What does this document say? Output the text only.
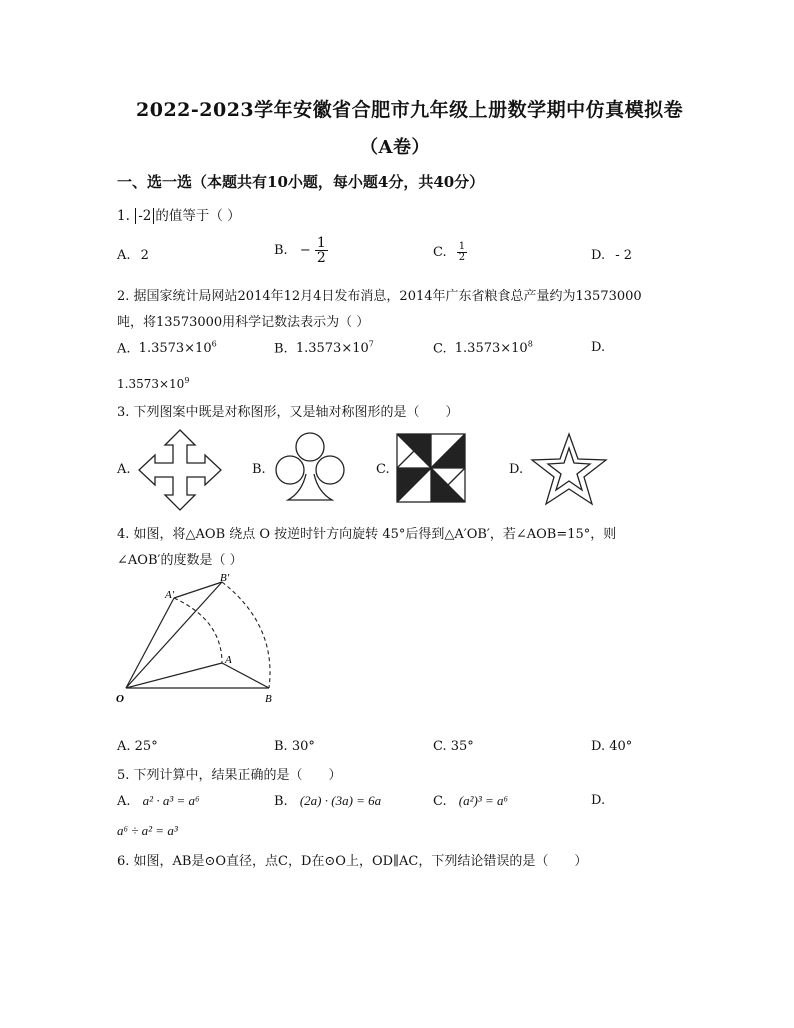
2022-2023学年安徽省合肥市九年级上册数学期中仿真模拟卷
（A卷）
一、选一选（本题共有10小题，每小题4分，共40分）
1. -2 的值等于（ ）
A. 2	B. − $\frac{1}{2}$	C. $\frac{1}{2}$	D. - 2
2. 据国家统计局网站2014年12月4日发布消息，2014年广东省粮食总产量约为13573000
吨，将13573000用科学记数法表示为（ ）
A. $1.3573\times 10^6$	B. $1.3573\times 10^7$	C. $1.3573\times 10^8$	D.
$1.3573\times 10^9$
3. 下列图案中既是对称图形，又是轴对称图形的是（　　）
A.	B.	C.	D.
4. 如图，将△AOB 绕点 O 按逆时针方向旋转 45°后得到△A′OB′，若∠AOB=15°，则
∠AOB′的度数是（ ）
A′
B′
A
O	B
A. 25°	B. 30°	C. 35°	D. 40°
5. 下列计算中，结果正确的是（　　）
A. a² · a³ = a⁶	B. (2a) · (3a) = 6a	C. (a²)³ = a⁶	D.
a⁶ ÷ a² = a³
6. 如图，AB是⊙O直径，点C，D在⊙O上，OD∥AC，下列结论错误的是（　　）
